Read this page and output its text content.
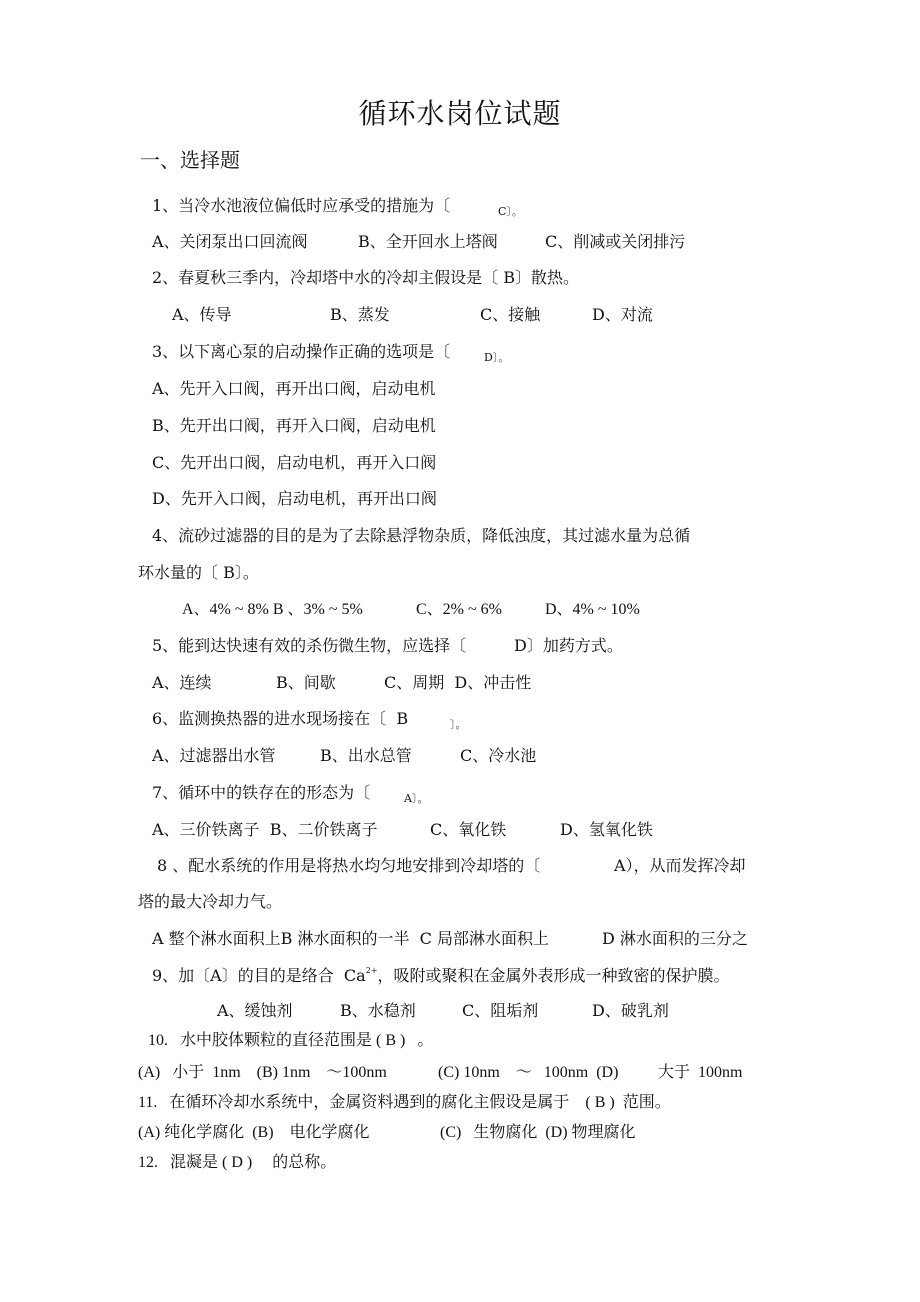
循环水岗位试题
一、选择题
1、当冷水池液位偏低时应承受的措施为〔	C〕。
A、关闭泵出口回流阀	B、全开回水上塔阀	C、削减或关闭排污
2、春夏秋三季内，冷却塔中水的冷却主假设是〔 B〕散热。
A、传导	B、蒸发	C、接触	D、对流
3、以下离心泵的启动操作正确的选项是〔	D〕。
A、先开入口阀，再开出口阀，启动电机
B、先开出口阀，再开入口阀，启动电机
C、先开出口阀，启动电机，再开入口阀
D、先开入口阀，启动电机，再开出口阀
4、流砂过滤器的目的是为了去除悬浮物杂质，降低浊度，其过滤水量为总循
环水量的〔 B〕。
A、4% ~ 8% B 、3% ~ 5%	C、2% ~ 6%	D、4% ~ 10%
5、能到达快速有效的杀伤微生物，应选择〔	D〕加药方式。
A、连续	B、间歇	C、周期  D、冲击性
6、监测换热器的进水现场接在〔  B	〕。
A、过滤器出水管	B、出水总管	C、冷水池
7、循环中的铁存在的形态为〔	A〕。
A、三价铁离子  B、二价铁离子	C、氧化铁	D、氢氧化铁
8 、配水系统的作用是将热水均匀地安排到冷却塔的〔	A），从而发挥冷却
塔的最大冷却力气。
A 整个淋水面积上B 淋水面积的一半  C 局部淋水面积上	D 淋水面积的三分之
9、加〔A〕的目的是络合  $Ca^{2+}$，吸附或聚积在金属外表形成一种致密的保护膜。
A、缓蚀剂	B、水稳剂	C、阻垢剂	D、破乳剂
10.   水中胶体颗粒的直径范围是 ( B )   。
(A)   小于  1nm    (B) 1nm    ～100nm	(C) 10nm    ～   100nm  (D) 大于  100nm
11.   在循环冷却水系统中，金属资料遇到的腐化主假设是属于    ( B )  范围。
(A) 纯化学腐化  (B)    电化学腐化	(C)   生物腐化  (D) 物理腐化
12.   混凝是 ( D )     的总称。
